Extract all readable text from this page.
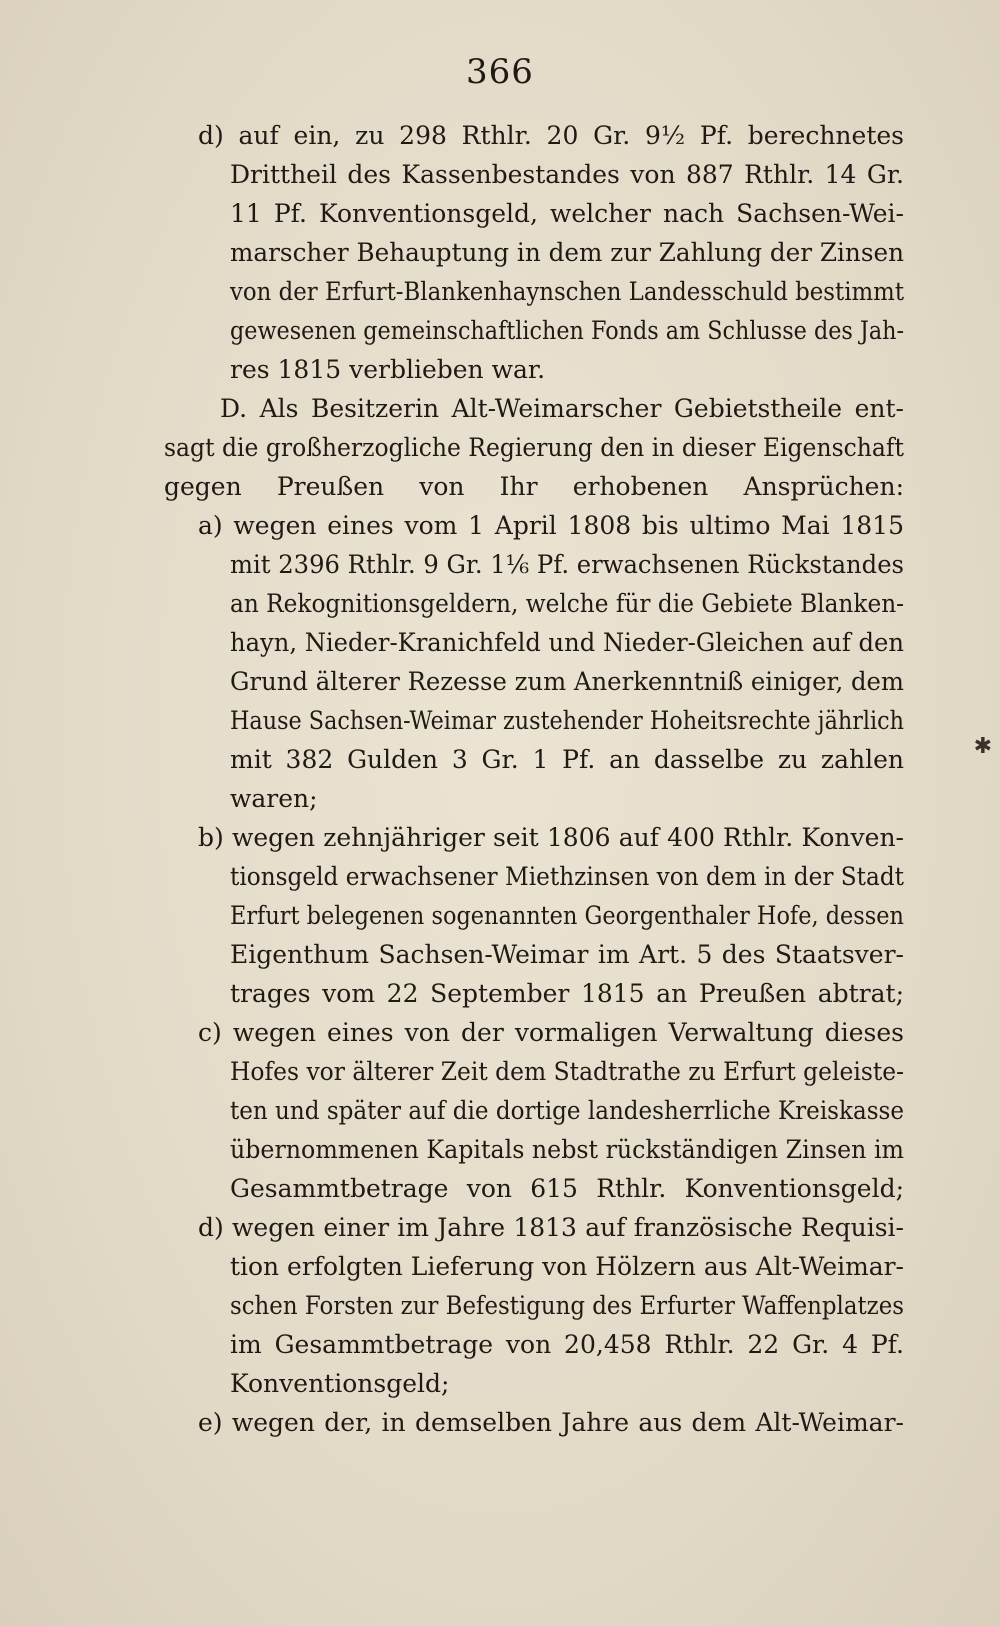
366
d) auf ein, zu 298 Rthlr. 20 Gr. 9½ Pf. berechnetes
Drittheil des Kassenbestandes von 887 Rthlr. 14 Gr.
11 Pf. Konventionsgeld, welcher nach Sachsen-Wei-
marscher Behauptung in dem zur Zahlung der Zinsen
von der Erfurt-Blankenhaynschen Landesschuld bestimmt
gewesenen gemeinschaftlichen Fonds am Schlusse des Jah-
res 1815 verblieben war.
D. Als Besitzerin Alt-Weimarscher Gebietstheile ent-
sagt die großherzogliche Regierung den in dieser Eigenschaft
gegen Preußen von Ihr erhobenen Ansprüchen:
a) wegen eines vom 1 April 1808 bis ultimo Mai 1815
mit 2396 Rthlr. 9 Gr. 1⅙ Pf. erwachsenen Rückstandes
an Rekognitionsgeldern, welche für die Gebiete Blanken-
hayn, Nieder-Kranichfeld und Nieder-Gleichen auf den
Grund älterer Rezesse zum Anerkenntniß einiger, dem
Hause Sachsen-Weimar zustehender Hoheitsrechte jährlich
mit 382 Gulden 3 Gr. 1 Pf. an dasselbe zu zahlen
waren;
b) wegen zehnjähriger seit 1806 auf 400 Rthlr. Konven-
tionsgeld erwachsener Miethzinsen von dem in der Stadt
Erfurt belegenen sogenannten Georgenthaler Hofe, dessen
Eigenthum Sachsen-Weimar im Art. 5 des Staatsver-
trages vom 22 September 1815 an Preußen abtrat;
c) wegen eines von der vormaligen Verwaltung dieses
Hofes vor älterer Zeit dem Stadtrathe zu Erfurt geleiste-
ten und später auf die dortige landesherrliche Kreiskasse
übernommenen Kapitals nebst rückständigen Zinsen im
Gesammtbetrage von 615 Rthlr. Konventionsgeld;
d) wegen einer im Jahre 1813 auf französische Requisi-
tion erfolgten Lieferung von Hölzern aus Alt-Weimar-
schen Forsten zur Befestigung des Erfurter Waffenplatzes
im Gesammtbetrage von 20,458 Rthlr. 22 Gr. 4 Pf.
Konventionsgeld;
e) wegen der, in demselben Jahre aus dem Alt-Weimar-
✱
